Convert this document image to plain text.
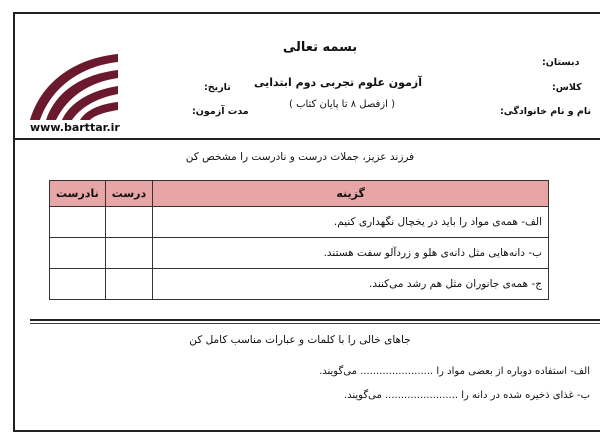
www.barttar.ir
بسمه تعالی
دبستان:
کلاس:
نام و نام خانوادگی:
آزمون علوم تجربی دوم ابتدایی
( ازفصل ۸ تا پایان کتاب )
تاریخ:
مدت آزمون:
فرزند عزیز، جملات درست و نادرست را مشخص کن
نادرست	درست	گزینه
		الف- همه‌ی مواد را باید در یخچال نگهداری کنیم.
		ب- دانه‌هایی مثل دانه‌ی هلو و زردآلو سفت هستند.
		ج- همه‌ی جانوران مثل هم رشد می‌کنند.
جاهای خالی را با کلمات و عبارات مناسب کامل کن
الف- استفاده دوباره از بعضی مواد را ....................... می‌گویند.
ب- غذای ذخیره شده در دانه را ....................... می‌گویند.
